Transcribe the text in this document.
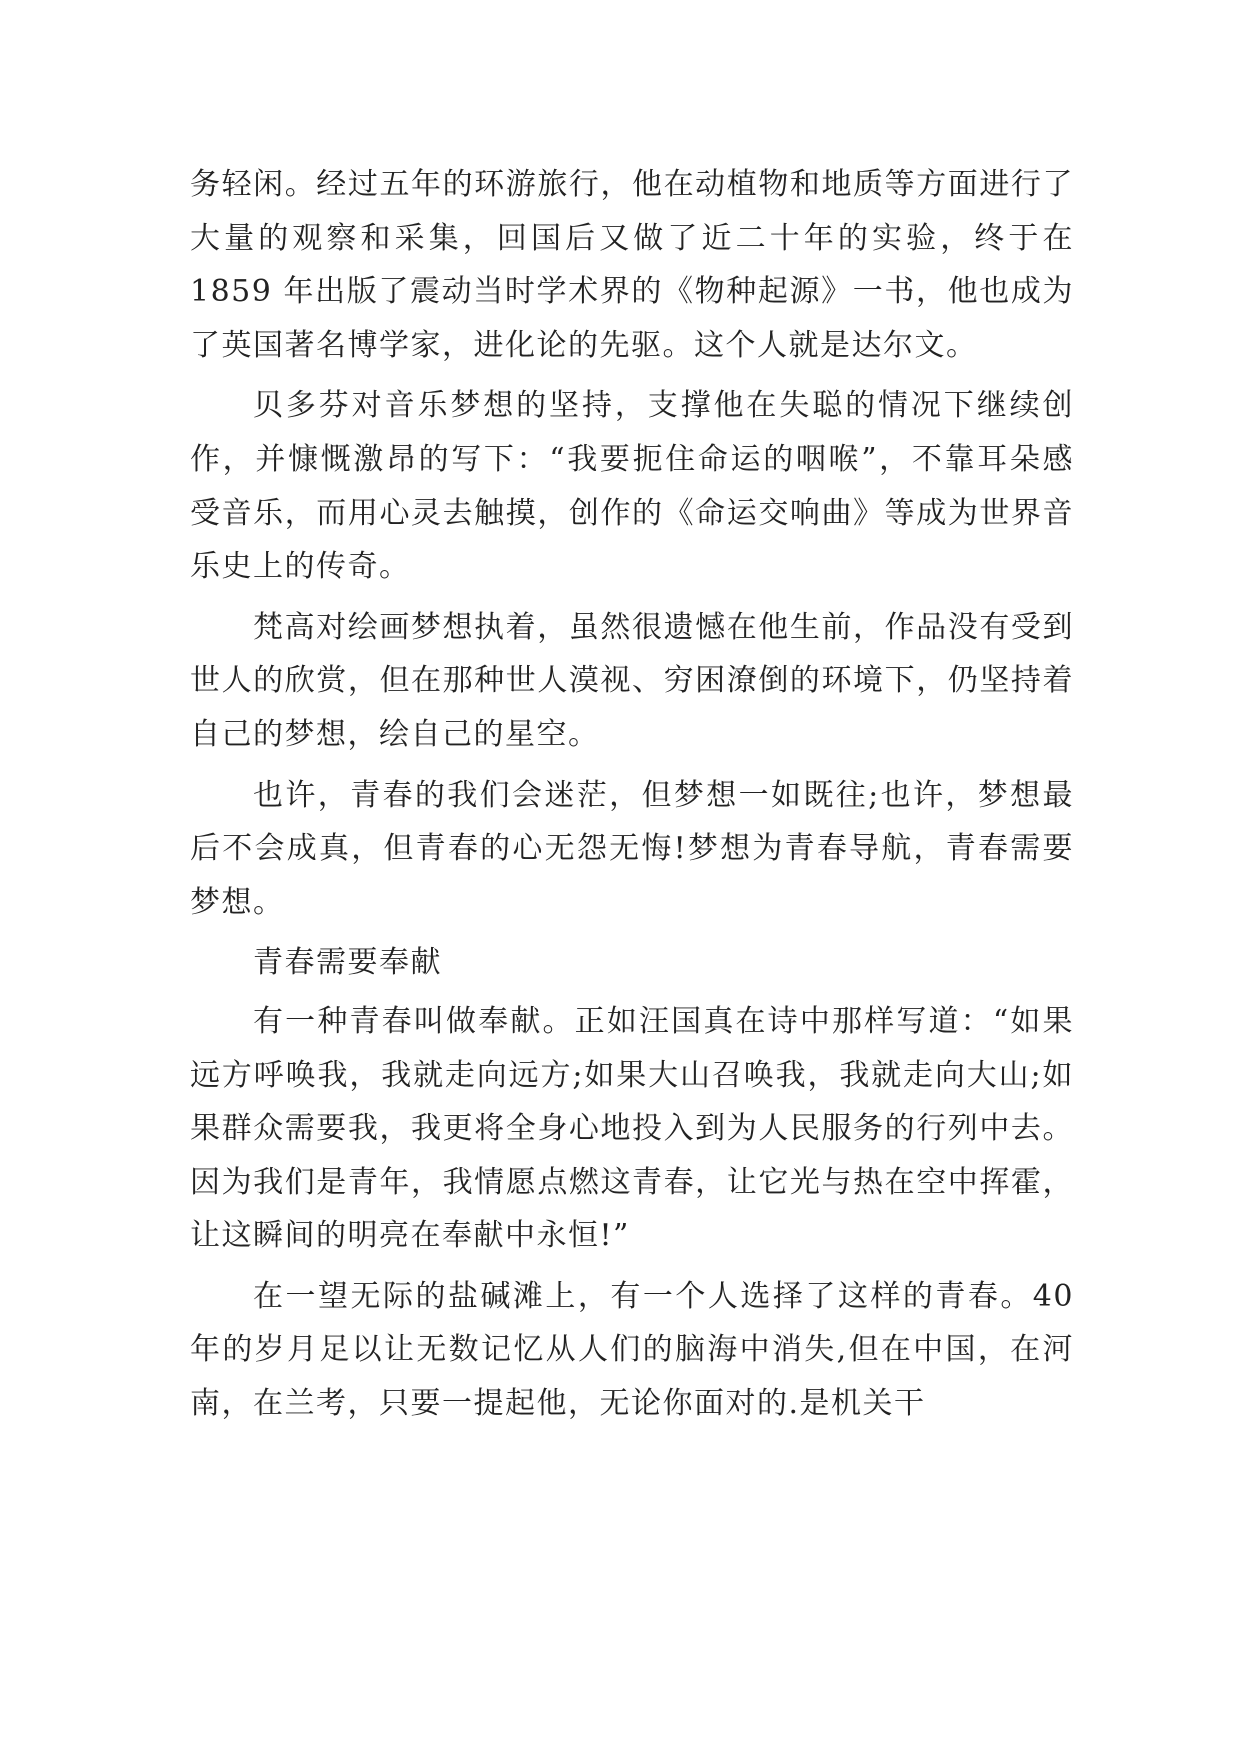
务轻闲。经过五年的环游旅行，他在动植物和地质等方面进行了大量的观察和采集，回国后又做了近二十年的实验，终于在 1859 年出版了震动当时学术界的《物种起源》一书，他也成为了英国著名博学家，进化论的先驱。这个人就是达尔文。

贝多芬对音乐梦想的坚持，支撑他在失聪的情况下继续创作，并慷慨激昂的写下：“我要扼住命运的咽喉”，不靠耳朵感受音乐，而用心灵去触摸，创作的《命运交响曲》等成为世界音乐史上的传奇。

梵高对绘画梦想执着，虽然很遗憾在他生前，作品没有受到世人的欣赏，但在那种世人漠视、穷困潦倒的环境下，仍坚持着自己的梦想，绘自己的星空。

也许，青春的我们会迷茫，但梦想一如既往;也许，梦想最后不会成真，但青春的心无怨无悔!梦想为青春导航，青春需要梦想。

青春需要奉献

有一种青春叫做奉献。正如汪国真在诗中那样写道：“如果远方呼唤我，我就走向远方;如果大山召唤我，我就走向大山;如果群众需要我，我更将全身心地投入到为人民服务的行列中去。因为我们是青年，我情愿点燃这青春，让它光与热在空中挥霍，让这瞬间的明亮在奉献中永恒!”

在一望无际的盐碱滩上，有一个人选择了这样的青春。40年的岁月足以让无数记忆从人们的脑海中消失,但在中国，在河南，在兰考，只要一提起他，无论你面对的.是机关干
